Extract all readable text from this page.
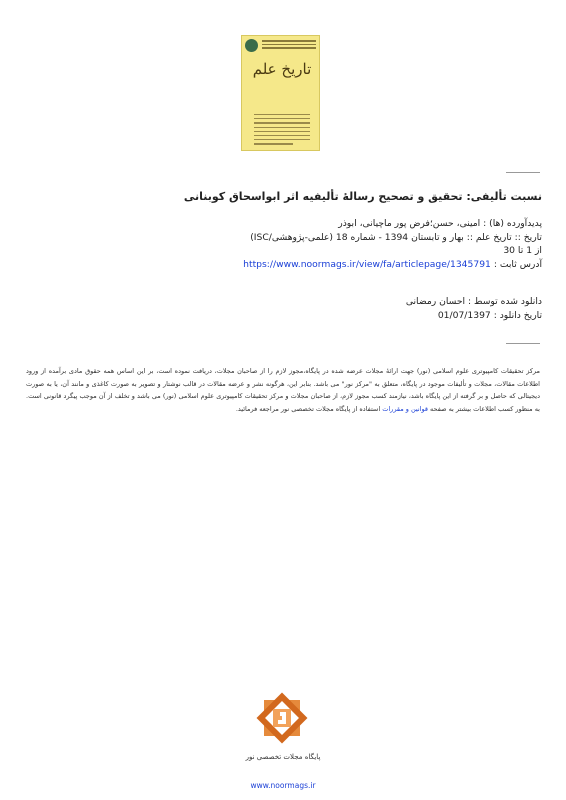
تاریخ علم
نسبت تألیفی: تحقیق و تصحیح رسالۀ تألیفیه اثر ابواسحاق کوبنانی
پدیدآورده (ها) : امینی، حسن؛فرض پور ماچیانی، ابوذر
تاریخ :: تاریخ علم :: بهار و تابستان 1394 - شماره 18 (علمی-پژوهشی/ISC)
از 1 تا 30
آدرس ثابت : https://www.noormags.ir/view/fa/articlepage/1345791
دانلود شده توسط : احسان رمضانی
تاریخ دانلود : 01/07/1397
مرکز تحقیقات کامپیوتری علوم اسلامی (نور) جهت ارائۀ مجلات عرضه شده در پایگاه،مجوز لازم را از صاحبان مجلات، دریافت نموده است، بر این اساس همه حقوق مادی برآمده از ورود اطلاعات مقالات، مجلات و تألیفات موجود در پایگاه، متعلق به "مرکز نور" می باشد. بنابر این، هرگونه نشر و عرضه مقالات در قالب نوشتار و تصویر به صورت کاغذی و مانند آن، یا به صورت دیجیتالی که حاصل و بر گرفته از این پایگاه باشد، نیازمند کسب مجوز لازم، از صاحبان مجلات و مرکز تحقیقات کامپیوتری علوم اسلامی (نور) می باشد و تخلف از آن موجب پیگرد قانونی است. به منظور کسب اطلاعات بیشتر به صفحه قوانین و مقررات استفاده از پایگاه مجلات تخصصی نور مراجعه فرمائید.
پایگاه مجلات تخصصی نور
www.noormags.ir
